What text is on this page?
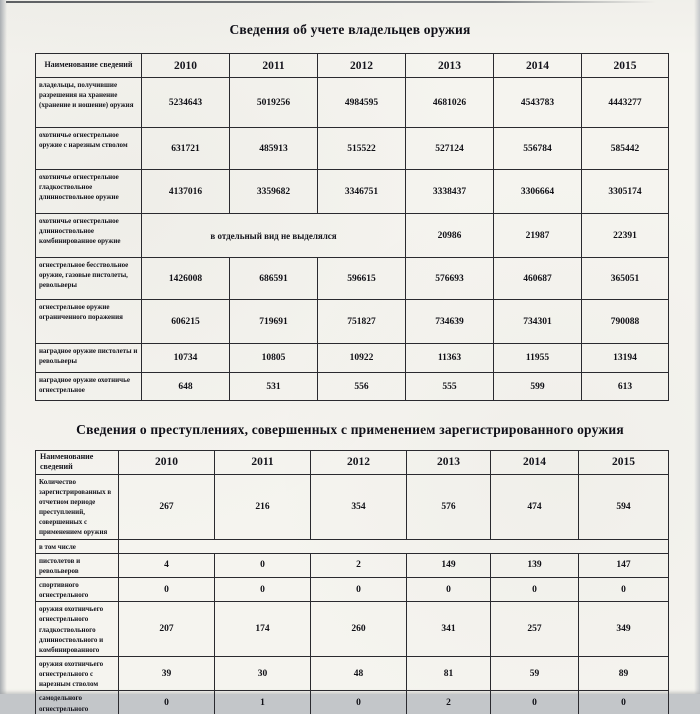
Сведения об учете владельцев оружия
Наименование сведений	2010	2011	2012	2013	2014	2015
владельцы, получившие разрешения на хранение (хранение и ношение) оружия	5234643	5019256	4984595	4681026	4543783	4443277
охотничье огнестрельное оружие с нарезным стволом	631721	485913	515522	527124	556784	585442
охотничье огнестрельное гладкоствольное длинноствольное оружие	4137016	3359682	3346751	3338437	3306664	3305174
охотничье огнестрельное длинноствольное комбинированное оружие	в отдельный вид не выделялся			20986	21987	22391
огнестрельное бесствольное оружие, газовые пистолеты, револьверы	1426008	686591	596615	576693	460687	365051
огнестрельное оружие ограниченного поражения	606215	719691	751827	734639	734301	790088
наградное оружие пистолеты и револьверы	10734	10805	10922	11363	11955	13194
наградное оружие охотничье огнестрельное	648	531	556	555	599	613
Сведения о преступлениях, совершенных с применением зарегистрированного оружия
Наименование сведений	2010	2011	2012	2013	2014	2015
Количество зарегистрированных в отчетном периоде преступлений, совершенных с применением оружия	267	216	354	576	474	594
в том числе						
пистолетов и револьверов	4	0	2	149	139	147
спортивного огнестрельного	0	0	0	0	0	0
оружия охотничьего огнестрельного гладкоствольного длинноствольного и комбинированного	207	174	260	341	257	349
оружия охотничьего огнестрельного с нарезным стволом	39	30	48	81	59	89
самодельного огнестрельного	0	1	0	2	0	0
